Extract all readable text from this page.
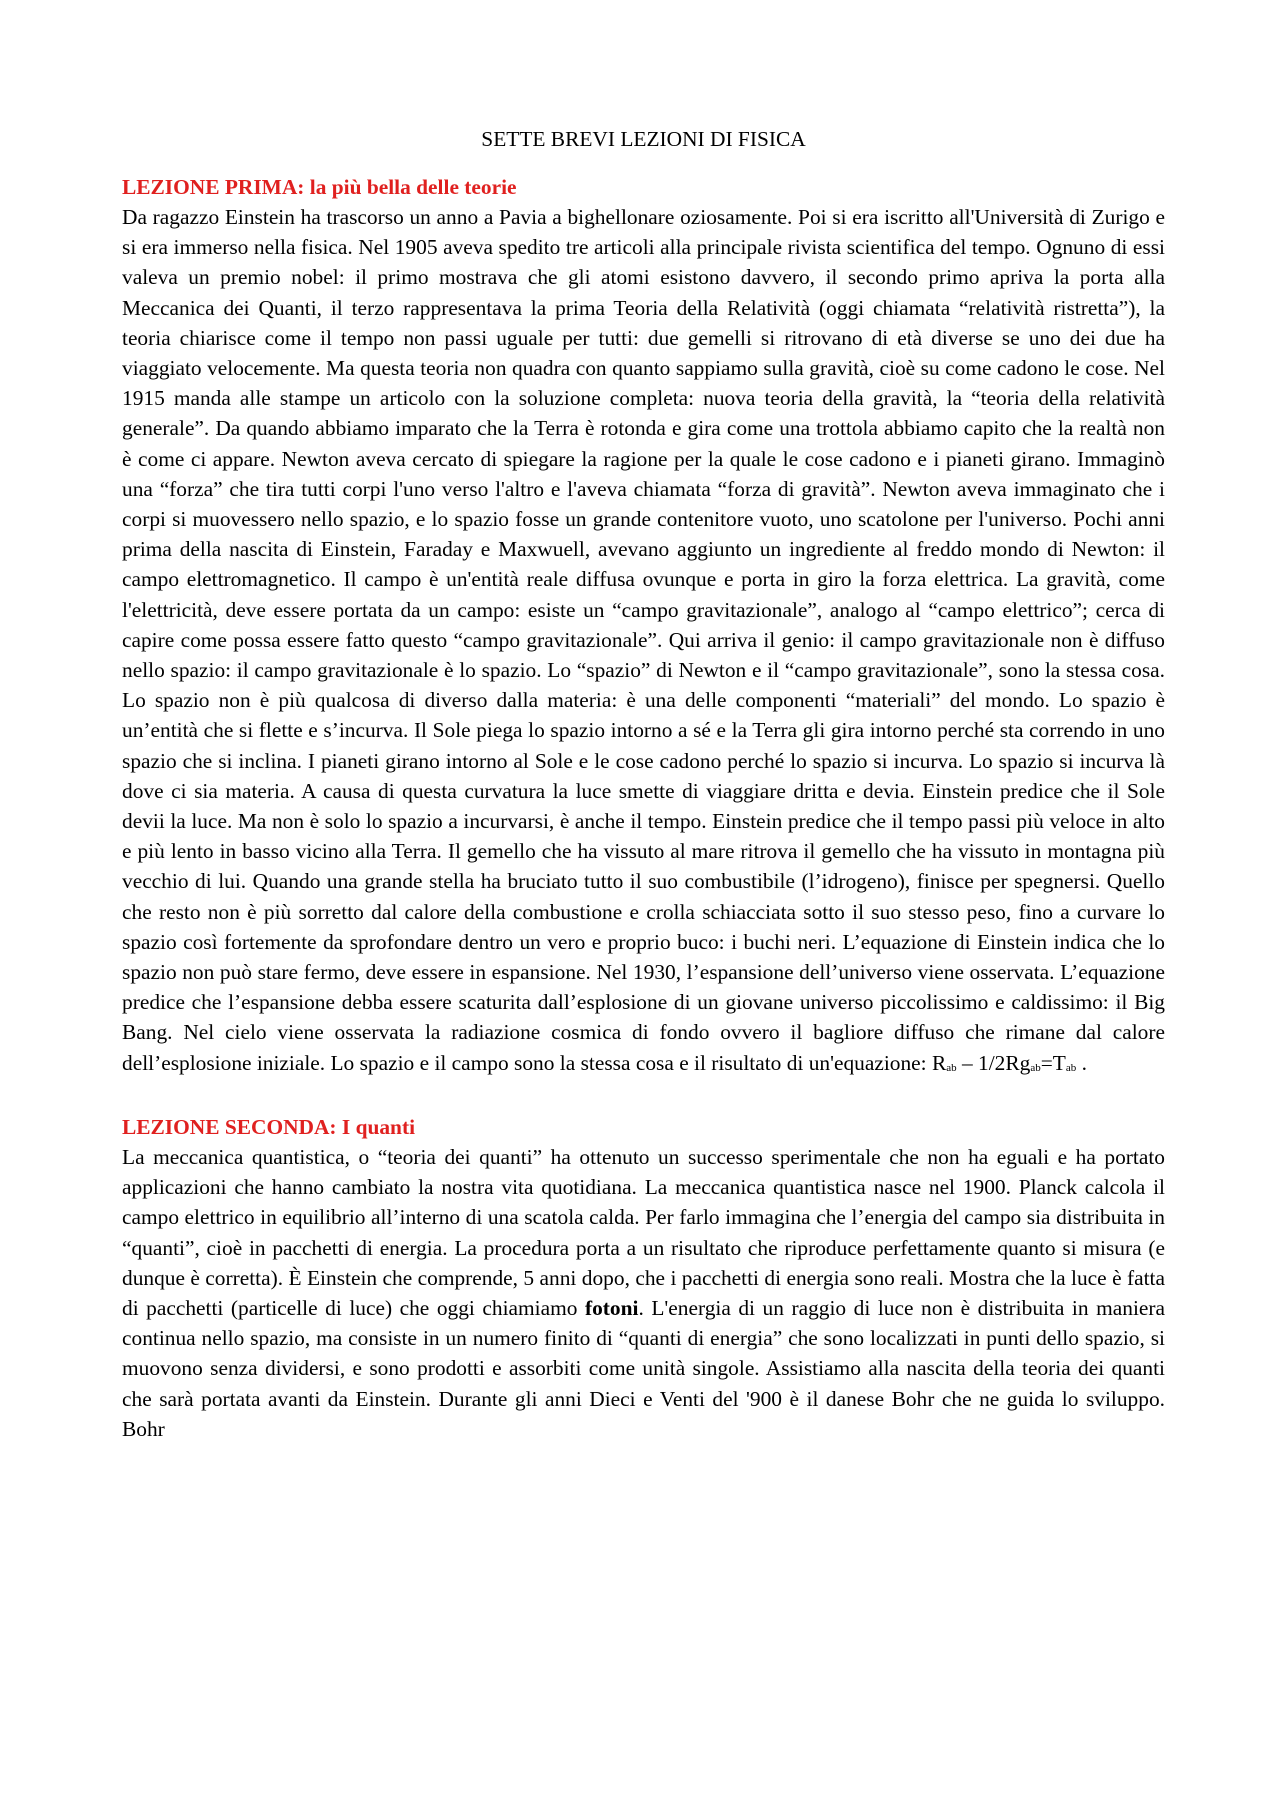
SETTE BREVI LEZIONI DI FISICA
LEZIONE PRIMA: la più bella delle teorie

Da ragazzo Einstein ha trascorso un anno a Pavia a bighellonare oziosamente. Poi si era iscritto all'Università di Zurigo e si era immerso nella fisica. Nel 1905 aveva spedito tre articoli alla principale rivista scientifica del tempo. Ognuno di essi valeva un premio nobel: il primo mostrava che gli atomi esistono davvero, il secondo primo apriva la porta alla Meccanica dei Quanti, il terzo rappresentava la prima Teoria della Relatività (oggi chiamata “relatività ristretta”), la teoria chiarisce come il tempo non passi uguale per tutti: due gemelli si ritrovano di età diverse se uno dei due ha viaggiato velocemente. Ma questa teoria non quadra con quanto sappiamo sulla gravità, cioè su come cadono le cose. Nel 1915 manda alle stampe un articolo con la soluzione completa: nuova teoria della gravità, la “teoria della relatività generale”. Da quando abbiamo imparato che la Terra è rotonda e gira come una trottola abbiamo capito che la realtà non è come ci appare. Newton aveva cercato di spiegare la ragione per la quale le cose cadono e i pianeti girano. Immaginò una “forza” che tira tutti corpi l'uno verso l'altro e l'aveva chiamata “forza di gravità”. Newton aveva immaginato che i corpi si muovessero nello spazio, e lo spazio fosse un grande contenitore vuoto, uno scatolone per l'universo. Pochi anni prima della nascita di Einstein, Faraday e Maxwuell, avevano aggiunto un ingrediente al freddo mondo di Newton: il campo elettromagnetico. Il campo è un'entità reale diffusa ovunque e porta in giro la forza elettrica. La gravità, come l'elettricità, deve essere portata da un campo: esiste un “campo gravitazionale”, analogo al “campo elettrico”; cerca di capire come possa essere fatto questo “campo gravitazionale”. Qui arriva il genio: il campo gravitazionale non è diffuso nello spazio: il campo gravitazionale è lo spazio. Lo “spazio” di Newton e il “campo gravitazionale”, sono la stessa cosa. Lo spazio non è più qualcosa di diverso dalla materia: è una delle componenti “materiali” del mondo. Lo spazio è un’entità che si flette e s’incurva. Il Sole piega lo spazio intorno a sé e la Terra gli gira intorno perché sta correndo in uno spazio che si inclina. I pianeti girano intorno al Sole e le cose cadono perché lo spazio si incurva. Lo spazio si incurva là dove ci sia materia. A causa di questa curvatura la luce smette di viaggiare dritta e devia. Einstein predice che il Sole devii la luce. Ma non è solo lo spazio a incurvarsi, è anche il tempo. Einstein predice che il tempo passi più veloce in alto e più lento in basso vicino alla Terra. Il gemello che ha vissuto al mare ritrova il gemello che ha vissuto in montagna più vecchio di lui. Quando una grande stella ha bruciato tutto il suo combustibile (l’idrogeno), finisce per spegnersi. Quello che resto non è più sorretto dal calore della combustione e crolla schiacciata sotto il suo stesso peso, fino a curvare lo spazio così fortemente da sprofondare dentro un vero e proprio buco: i buchi neri. L’equazione di Einstein indica che lo spazio non può stare fermo, deve essere in espansione. Nel 1930, l’espansione dell’universo viene osservata. L’equazione predice che l’espansione debba essere scaturita dall’esplosione di un giovane universo piccolissimo e caldissimo: il Big Bang. Nel cielo viene osservata la radiazione cosmica di fondo ovvero il bagliore diffuso che rimane dal calore dell’esplosione iniziale. Lo spazio e il campo sono la stessa cosa e il risultato di un'equazione: $R_{ab} - 1/2Rg_{ab}=T_{ab}$ .

LEZIONE SECONDA: I quanti

La meccanica quantistica, o “teoria dei quanti” ha ottenuto un successo sperimentale che non ha eguali e ha portato applicazioni che hanno cambiato la nostra vita quotidiana. La meccanica quantistica nasce nel 1900. Planck calcola il campo elettrico in equilibrio all’interno di una scatola calda. Per farlo immagina che l’energia del campo sia distribuita in “quanti”, cioè in pacchetti di energia. La procedura porta a un risultato che riproduce perfettamente quanto si misura (e dunque è corretta). È Einstein che comprende, 5 anni dopo, che i pacchetti di energia sono reali. Mostra che la luce è fatta di pacchetti (particelle di luce) che oggi chiamiamo fotoni. L'energia di un raggio di luce non è distribuita in maniera continua nello spazio, ma consiste in un numero finito di “quanti di energia” che sono localizzati in punti dello spazio, si muovono senza dividersi, e sono prodotti e assorbiti come unità singole. Assistiamo alla nascita della teoria dei quanti che sarà portata avanti da Einstein. Durante gli anni Dieci e Venti del '900 è il danese Bohr che ne guida lo sviluppo. Bohr
